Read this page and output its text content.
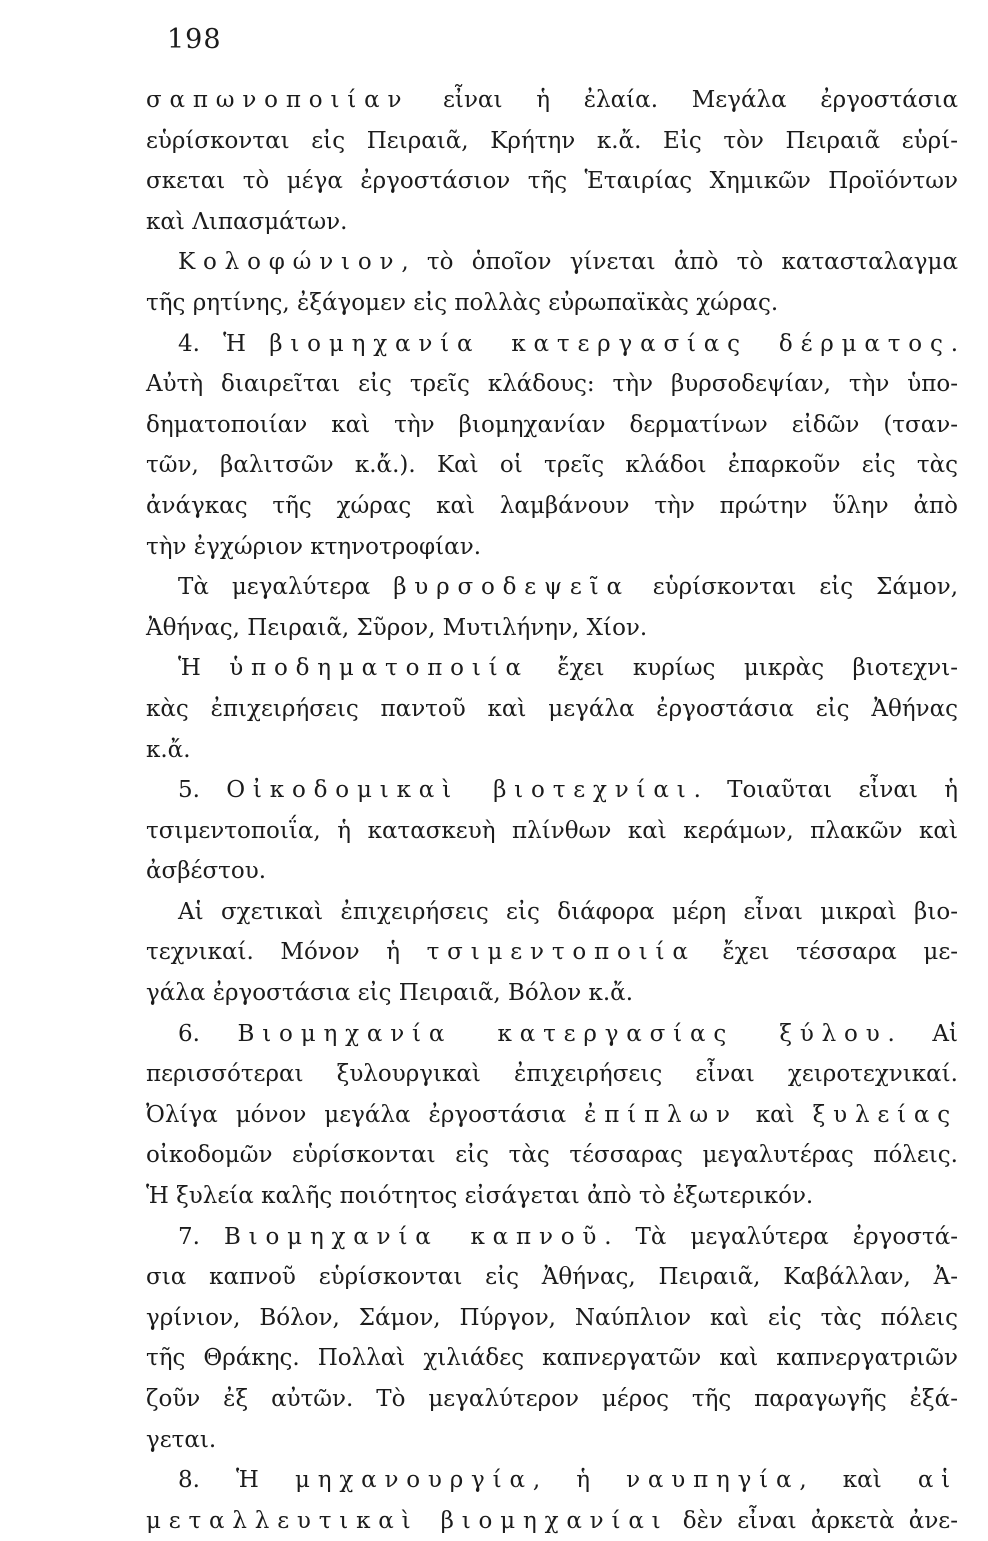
198
σαπωνοποιίαν εἶναι ἡ ἐλαία. Μεγάλα ἐργοστάσια
εὑρίσκονται εἰς Πειραιᾶ, Κρήτην κ.ἄ. Εἰς τὸν Πειραιᾶ εὑρί-
σκεται τὸ μέγα ἐργοστάσιον τῆς Ἑταιρίας Χημικῶν Προϊόντων
καὶ Λιπασμάτων.
Κολοφώνιον, τὸ ὁποῖον γίνεται ἀπὸ τὸ κατασταλαγμα
τῆς ρητίνης, ἐξάγομεν εἰς πολλὰς εὐρωπαϊκὰς χώρας.
4. Ἡ βιομηχανία κατεργασίας δέρματος.
Αὐτὴ διαιρεῖται εἰς τρεῖς κλάδους: τὴν βυρσοδεψίαν, τὴν ὑπο-
δηματοποιίαν καὶ τὴν βιομηχανίαν δερματίνων εἰδῶν (τσαν-
τῶν, βαλιτσῶν κ.ἄ.). Καὶ οἱ τρεῖς κλάδοι ἐπαρκοῦν εἰς τὰς
ἀνάγκας τῆς χώρας καὶ λαμβάνουν τὴν πρώτην ὕλην ἀπὸ
τὴν ἐγχώριον κτηνοτροφίαν.
Τὰ μεγαλύτερα βυρσοδεψεῖα εὑρίσκονται εἰς Σάμον,
Ἀθήνας, Πειραιᾶ, Σῦρον, Μυτιλήνην, Χίον.
Ἡ ὑποδηματοποιία ἔχει κυρίως μικρὰς βιοτεχνι-
κὰς ἐπιχειρήσεις παντοῦ καὶ μεγάλα ἐργοστάσια εἰς Ἀθήνας
κ.ἄ.
5. Οἰκοδομικαὶ βιοτεχνίαι. Τοιαῦται εἶναι ἡ
τσιμεντοποιΐα, ἡ κατασκευὴ πλίνθων καὶ κεράμων, πλακῶν καὶ
ἀσβέστου.
Αἱ σχετικαὶ ἐπιχειρήσεις εἰς διάφορα μέρη εἶναι μικραὶ βιο-
τεχνικαί. Μόνον ἡ τσιμεντοποιία ἔχει τέσσαρα με-
γάλα ἐργοστάσια εἰς Πειραιᾶ, Βόλον κ.ἄ.
6. Βιομηχανία κατεργασίας ξύλου. Αἱ
περισσότεραι ξυλουργικαὶ ἐπιχειρήσεις εἶναι χειροτεχνικαί.
Ὀλίγα μόνον μεγάλα ἐργοστάσια ἐπίπλων καὶ ξυλείας
οἰκοδομῶν εὑρίσκονται εἰς τὰς τέσσαρας μεγαλυτέρας πόλεις.
Ἡ ξυλεία καλῆς ποιότητος εἰσάγεται ἀπὸ τὸ ἐξωτερικόν.
7. Βιομηχανία καπνοῦ. Τὰ μεγαλύτερα ἐργοστά-
σια καπνοῦ εὑρίσκονται εἰς Ἀθήνας, Πειραιᾶ, Καβάλλαν, Ἀ-
γρίνιον, Βόλον, Σάμον, Πύργον, Ναύπλιον καὶ εἰς τὰς πόλεις
τῆς Θράκης. Πολλαὶ χιλιάδες καπνεργατῶν καὶ καπνεργατριῶν
ζοῦν ἐξ αὐτῶν. Τὸ μεγαλύτερον μέρος τῆς παραγωγῆς ἐξά-
γεται.
8. Ἡ μηχανουργία, ἡ ναυπηγία, καὶ αἱ
μεταλλευτικαὶ βιομηχανίαι δὲν εἶναι ἀρκετὰ ἀνε-
